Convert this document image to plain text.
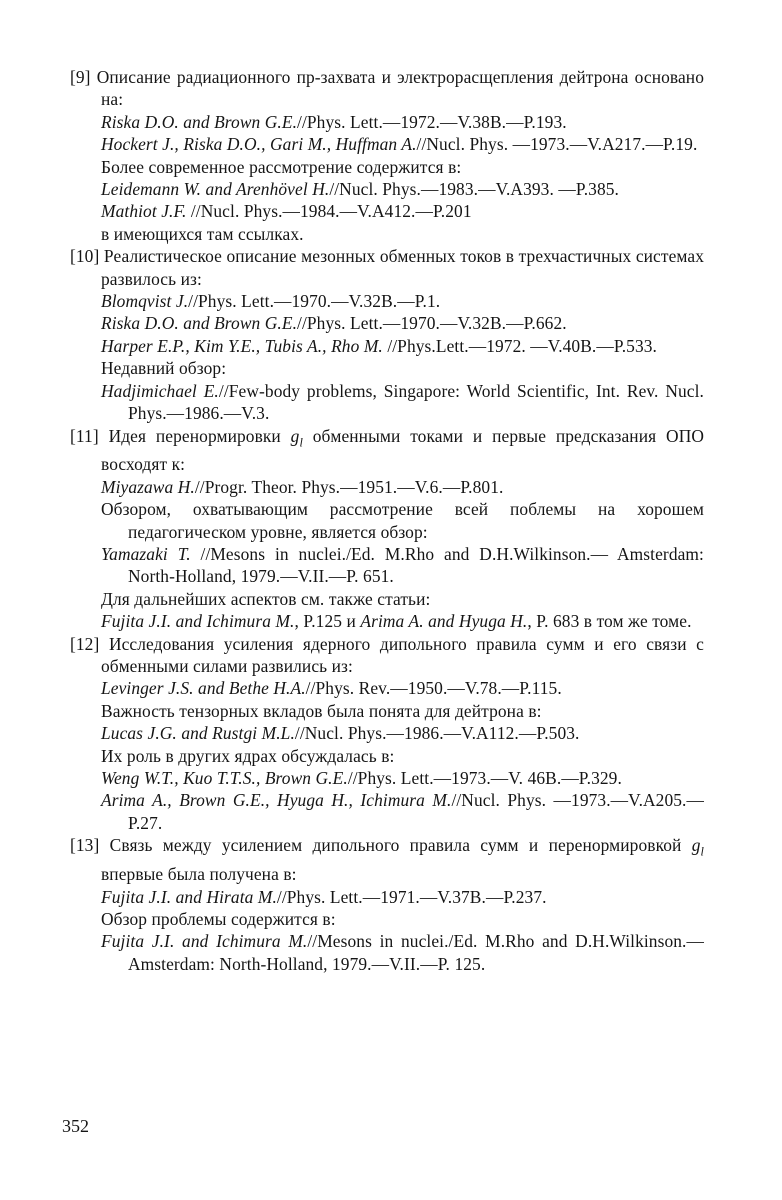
[9] Описание радиационного пр-захвата и электрорасщепления дейтрона основано на:

Riska D.O. and Brown G.E.//Phys. Lett.—1972.—V.38B.—P.193.

Hockert J., Riska D.O., Gari M., Huffman A.//Nucl. Phys. —1973.—V.A217.—P.19.

Более современное рассмотрение содержится в:

Leidemann W. and Arenhövel H.//Nucl. Phys.—1983.—V.A393. —P.385.

Mathiot J.F. //Nucl. Phys.—1984.—V.A412.—P.201

в имеющихся там ссылках.

[10] Реалистическое описание мезонных обменных токов в трехчастичных системах развилось из:

Blomqvist J.//Phys. Lett.—1970.—V.32B.—P.1.

Riska D.O. and Brown G.E.//Phys. Lett.—1970.—V.32B.—P.662.

Harper E.P., Kim Y.E., Tubis A., Rho M. //Phys.Lett.—1972. —V.40B.—P.533.

Недавний обзор:

Hadjimichael E.//Few-body problems, Singapore: World Scientific, Int. Rev. Nucl. Phys.—1986.—V.3.

[11] Идея перенормировки $g_l$ обменными токами и первые предсказания ОПО восходят к:

Miyazawa H.//Progr. Theor. Phys.—1951.—V.6.—P.801.

Обзором, охватывающим рассмотрение всей поблемы на хорошем педагогическом уровне, является обзор:

Yamazaki T. //Mesons in nuclei./Ed. M.Rho and D.H.Wilkinson.— Amsterdam: North-Holland, 1979.—V.II.—P. 651.

Для дальнейших аспектов см. также статьи:

Fujita J.I. and Ichimura M., P.125 и Arima A. and Hyuga H., P. 683 в том же томе.

[12] Исследования усиления ядерного дипольного правила сумм и его связи с обменными силами развились из:

Levinger J.S. and Bethe H.A.//Phys. Rev.—1950.—V.78.—P.115.

Важность тензорных вкладов была понята для дейтрона в:

Lucas J.G. and Rustgi M.L.//Nucl. Phys.—1986.—V.A112.—P.503.

Их роль в других ядрах обсуждалась в:

Weng W.T., Kuo T.T.S., Brown G.E.//Phys. Lett.—1973.—V. 46B.—P.329.

Arima A., Brown G.E., Hyuga H., Ichimura M.//Nucl. Phys. —1973.—V.A205.—P.27.

[13] Связь между усилением дипольного правила сумм и перенормировкой $g_l$ впервые была получена в:

Fujita J.I. and Hirata M.//Phys. Lett.—1971.—V.37B.—P.237.

Обзор проблемы содержится в:

Fujita J.I. and Ichimura M.//Mesons in nuclei./Ed. M.Rho and D.H.Wilkinson.—Amsterdam: North-Holland, 1979.—V.II.—P. 125.

352
